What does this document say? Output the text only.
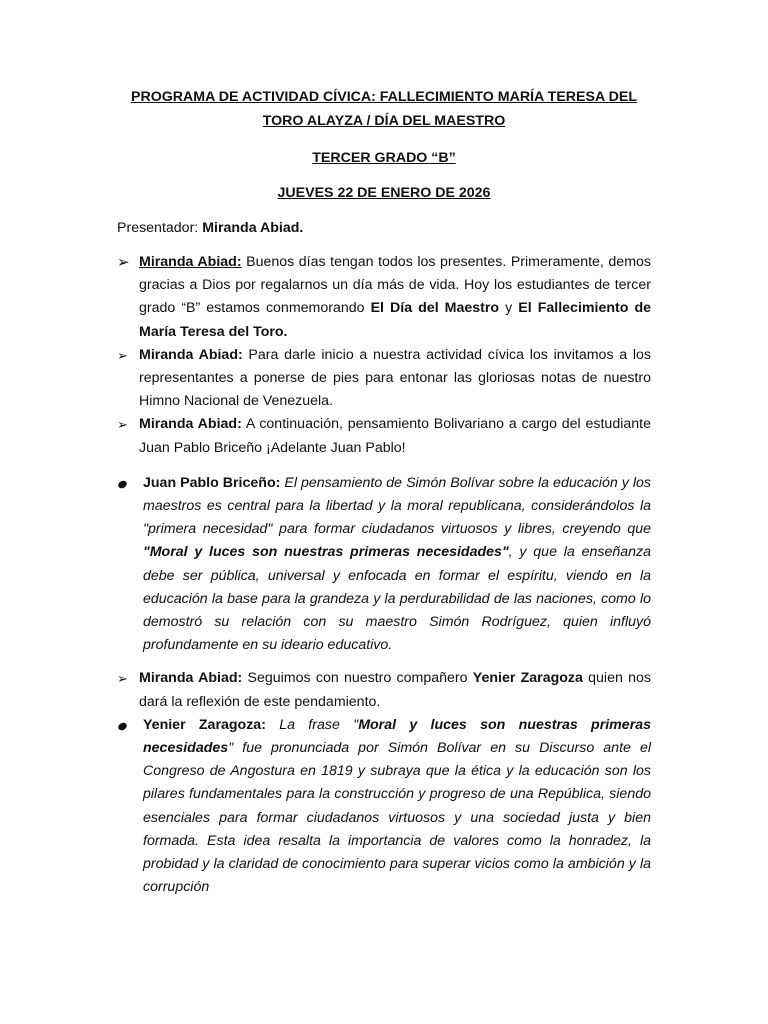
PROGRAMA DE ACTIVIDAD CÍVICA: FALLECIMIENTO MARÍA TERESA DEL
TORO ALAYZA / DÍA DEL MAESTRO

TERCER GRADO “B”

JUEVES 22 DE ENERO DE 2026

Presentador: Miranda Abiad.

➢ Miranda Abiad: Buenos días tengan todos los presentes. Primeramente, demos gracias a Dios por regalarnos un día más de vida. Hoy los estudiantes de tercer grado “B” estamos conmemorando El Día del Maestro y El Fallecimiento de María Teresa del Toro.
➢ Miranda Abiad: Para darle inicio a nuestra actividad cívica los invitamos a los representantes a ponerse de pies para entonar las gloriosas notas de nuestro Himno Nacional de Venezuela.
➢ Miranda Abiad: A continuación, pensamiento Bolivariano a cargo del estudiante Juan Pablo Briceño ¡Adelante Juan Pablo!
Juan Pablo Briceño: El pensamiento de Simón Bolívar sobre la educación y los maestros es central para la libertad y la moral republicana, considerándolos la "primera necesidad" para formar ciudadanos virtuosos y libres, creyendo que "Moral y luces son nuestras primeras necesidades", y que la enseñanza debe ser pública, universal y enfocada en formar el espíritu, viendo en la educación la base para la grandeza y la perdurabilidad de las naciones, como lo demostró su relación con su maestro Simón Rodríguez, quien influyó profundamente en su ideario educativo.
➢ Miranda Abiad: Seguimos con nuestro compañero Yenier Zaragoza quien nos dará la reflexión de este pendamiento.
Yenier Zaragoza: La frase "Moral y luces son nuestras primeras necesidades" fue pronunciada por Simón Bolívar en su Discurso ante el Congreso de Angostura en 1819 y subraya que la ética y la educación son los pilares fundamentales para la construcción y progreso de una República, siendo esenciales para formar ciudadanos virtuosos y una sociedad justa y bien formada. Esta idea resalta la importancia de valores como la honradez, la probidad y la claridad de conocimiento para superar vicios como la ambición y la corrupción
